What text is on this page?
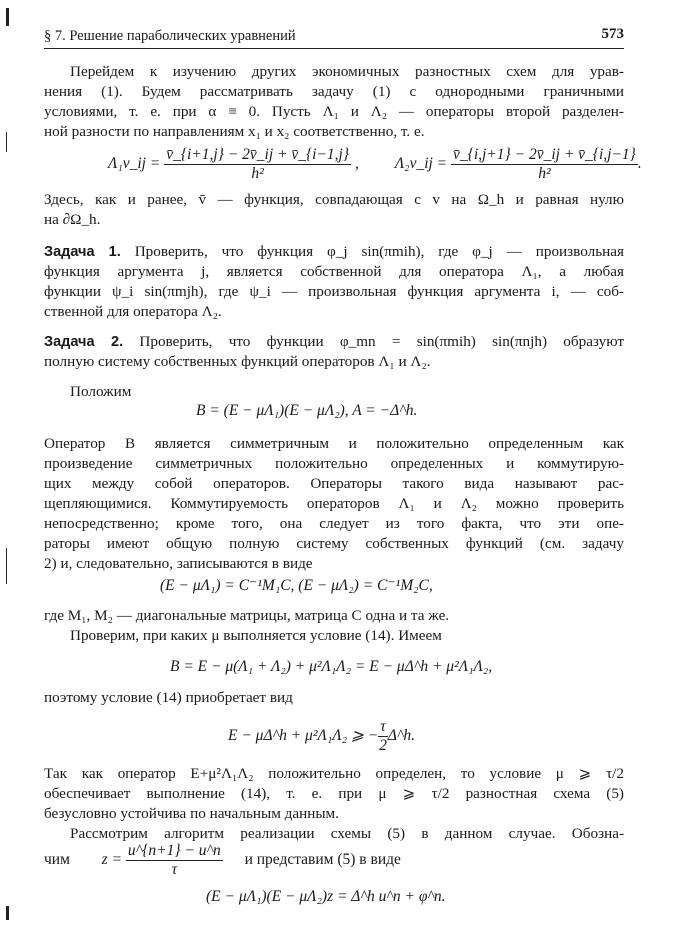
§ 7. Решение параболических уравнений	573
Перейдем к изучению других экономичных разностных схем для урав-
нения (1). Будем рассматривать задачу (1) с однородными граничными
условиями, т. е. при α ≡ 0. Пусть Λ₁ и Λ₂ — операторы второй разделен-
ной разности по направлениям x₁ и x₂ соответственно, т. е.
Λ₁v_ij = $\frac{v̄\_\{i+1,j\} - 2v̄\_ij + v̄\_\{i-1,j\}}{\text{h²}}$ , Λ₂v_ij = $\frac{v̄\_\{i,j+1\} - 2v̄\_ij + v̄\_\{i,j-1\}}{\text{h²}}$ .
Здесь, как и ранее, v̄ — функция, совпадающая с v на Ω_h и равная нулю
на ∂Ω_h.
Задача 1. Проверить, что функция φ_j sin(πmih), где φ_j — произвольная
функция аргумента j, является собственной для оператора Λ₁, а любая
функции ψ_i sin(πmjh), где ψ_i — произвольная функция аргумента i, — соб-
ственной для оператора Λ₂.
Задача 2. Проверить, что функции φ_mn = sin(πmih) sin(πnjh) образуют
полную систему собственных функций операторов Λ₁ и Λ₂.
Положим
B = (E − μΛ₁)(E − μΛ₂), A = −Δ^h.
Оператор B является симметричным и положительно определенным как
произведение симметричных положительно определенных и коммутирую-
щих между собой операторов. Операторы такого вида называют рас-
щепляющимися. Коммутируемость операторов Λ₁ и Λ₂ можно проверить
непосредственно; кроме того, она следует из того факта, что эти опе-
раторы имеют общую полную систему собственных функций (см. задачу
2) и, следовательно, записываются в виде
(E − μΛ₁) = C⁻¹M₁C, (E − μΛ₂) = C⁻¹M₂C,
где M₁, M₂ — диагональные матрицы, матрица C одна и та же.
Проверим, при каких μ выполняется условие (14). Имеем
B = E − μ(Λ₁ + Λ₂) + μ²Λ₁Λ₂ = E − μΔ^h + μ²Λ₁Λ₂,
поэтому условие (14) приобретает вид
E − μΔ^h + μ²Λ₁Λ₂ ⩾ − $\frac{\tau}{2}$ Δ^h.
Так как оператор E+μ²Λ₁Λ₂ положительно определен, то условие μ ⩾ τ/2
обеспечивает выполнение (14), т. е. при μ ⩾ τ/2 разностная схема (5)
безусловно устойчива по начальным данным.
Рассмотрим алгоритм реализации схемы (5) в данном случае. Обозна-
чим $z = \frac{u\^{}\{n+1\} - u\^{}n}{\tau}$ и представим (5) в виде
(E − μΛ₁)(E − μΛ₂)z = Δ^h u^n + φ^n.
